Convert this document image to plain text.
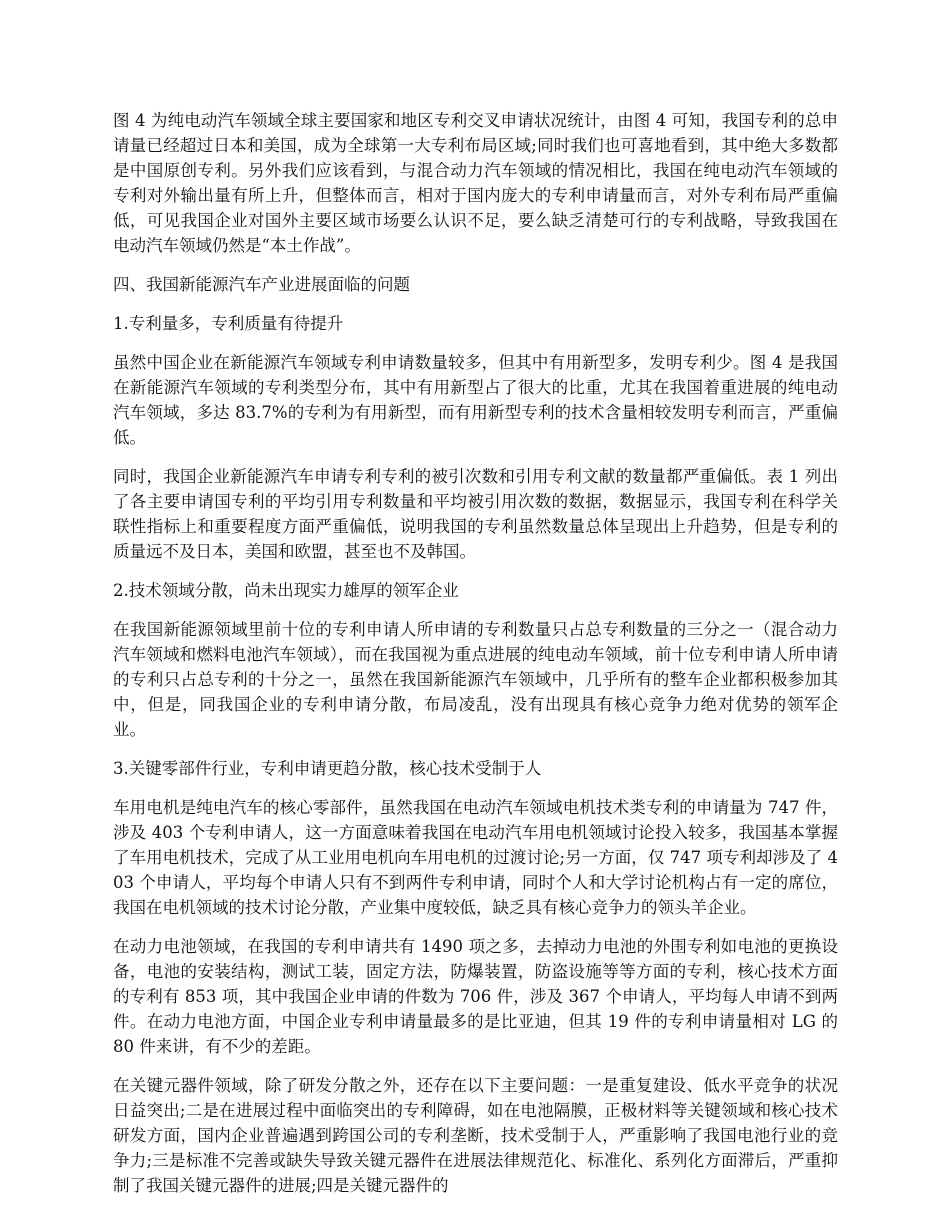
图 4 为纯电动汽车领域全球主要国家和地区专利交叉申请状况统计，由图 4 可知，我国专利的总申请量已经超过日本和美国，成为全球第一大专利布局区域;同时我们也可喜地看到，其中绝大多数都是中国原创专利。另外我们应该看到，与混合动力汽车领域的情况相比，我国在纯电动汽车领域的专利对外输出量有所上升，但整体而言，相对于国内庞大的专利申请量而言，对外专利布局严重偏低，可见我国企业对国外主要区域市场要么认识不足，要么缺乏清楚可行的专利战略，导致我国在电动汽车领域仍然是“本土作战”。

四、我国新能源汽车产业进展面临的问题

1.专利量多，专利质量有待提升

虽然中国企业在新能源汽车领域专利申请数量较多，但其中有用新型多，发明专利少。图 4 是我国在新能源汽车领域的专利类型分布，其中有用新型占了很大的比重，尤其在我国着重进展的纯电动汽车领域，多达 83.7%的专利为有用新型，而有用新型专利的技术含量相较发明专利而言，严重偏低。

同时，我国企业新能源汽车申请专利专利的被引次数和引用专利文献的数量都严重偏低。表 1 列出了各主要申请国专利的平均引用专利数量和平均被引用次数的数据，数据显示，我国专利在科学关联性指标上和重要程度方面严重偏低，说明我国的专利虽然数量总体呈现出上升趋势，但是专利的质量远不及日本，美国和欧盟，甚至也不及韩国。

2.技术领域分散，尚未出现实力雄厚的领军企业

在我国新能源领域里前十位的专利申请人所申请的专利数量只占总专利数量的三分之一（混合动力汽车领域和燃料电池汽车领域），而在我国视为重点进展的纯电动车领域，前十位专利申请人所申请的专利只占总专利的十分之一，虽然在我国新能源汽车领域中，几乎所有的整车企业都积极参加其中，但是，同我国企业的专利申请分散，布局凌乱，没有出现具有核心竞争力绝对优势的领军企业。

3.关键零部件行业，专利申请更趋分散，核心技术受制于人

车用电机是纯电汽车的核心零部件，虽然我国在电动汽车领域电机技术类专利的申请量为 747 件，涉及 403 个专利申请人，这一方面意味着我国在电动汽车用电机领域讨论投入较多，我国基本掌握了车用电机技术，完成了从工业用电机向车用电机的过渡讨论;另一方面，仅 747 项专利却涉及了 403 个申请人，平均每个申请人只有不到两件专利申请，同时个人和大学讨论机构占有一定的席位，我国在电机领域的技术讨论分散，产业集中度较低，缺乏具有核心竞争力的领头羊企业。

在动力电池领域，在我国的专利申请共有 1490 项之多，去掉动力电池的外围专利如电池的更换设备，电池的安装结构，测试工装，固定方法，防爆装置，防盗设施等等方面的专利，核心技术方面的专利有 853 项，其中我国企业申请的件数为 706 件，涉及 367 个申请人，平均每人申请不到两件。在动力电池方面，中国企业专利申请量最多的是比亚迪，但其 19 件的专利申请量相对 LG 的 80 件来讲，有不少的差距。

在关键元器件领域，除了研发分散之外，还存在以下主要问题：一是重复建设、低水平竞争的状况日益突出;二是在进展过程中面临突出的专利障碍，如在电池隔膜，正极材料等关键领域和核心技术研发方面，国内企业普遍遇到跨国公司的专利垄断，技术受制于人，严重影响了我国电池行业的竞争力;三是标准不完善或缺失导致关键元器件在进展法律规范化、标准化、系列化方面滞后，严重抑制了我国关键元器件的进展;四是关键元器件的
